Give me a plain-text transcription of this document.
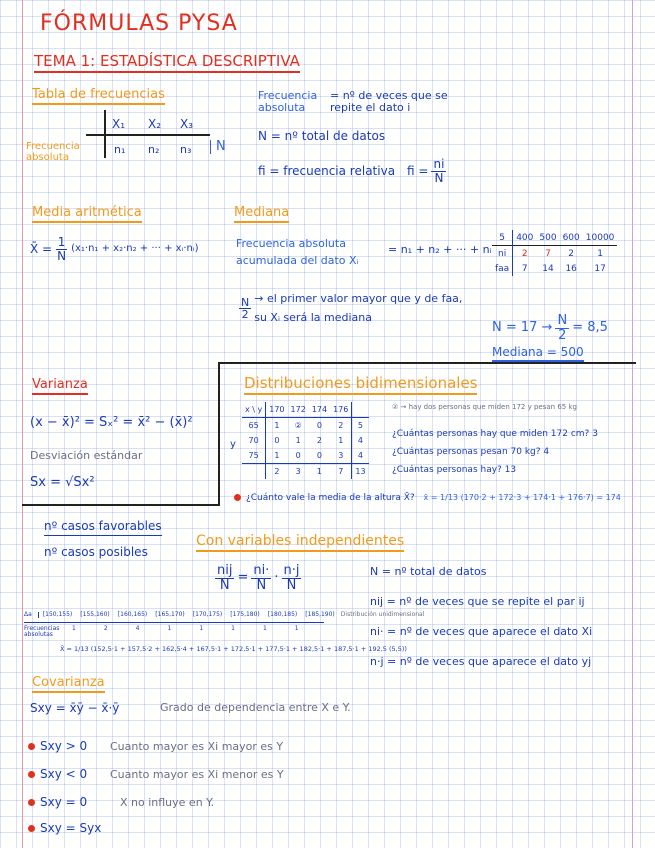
FÓRMULAS PYSA
TEMA 1: ESTADÍSTICA DESCRIPTIVA
Tabla de frecuencias
X₁ X₂ X₃
Frecuencia absoluta
n₁ n₂ n₃	N
Frecuencia absoluta
= nº de veces que se repite el dato i
N = nº total de datos
fi = frecuencia relativa fi = $\frac{ni}{N}$
Media aritmética
X̄ = $\frac{1}{N} (x_1\cdot n_1 + x_2\cdot n_2$ + ··· + xᵢ·nᵢ)
Mediana
Frecuencia absoluta acumulada del dato Xᵢ
= n₁ + n₂ + ··· + nᵢ
$\frac{N}{2}$ → el primer valor mayor que y de faa, su Xᵢ será la mediana
$N = 17 \to \frac{N}{2} = 8,5$
Mediana = 500
5	400	500	600	10000
ni	2	7	2	1
faa	7	14	16	17
Varianza
(x − x̄)² = Sₓ² = x̄² − (x̄)²
Desviación estándar
Sx = √Sx²
Distribuciones bidimensionales
② → hay dos personas que miden 172 y pesan 65 kg
y
x \ y	170	172	174	176	
65	1	②	0	2	5
70	0	1	2	1	4
75	1	0	0	3	4
	2	3	1	7	13
¿Cuántas personas hay que miden 172 cm? 3
¿Cuántas personas pesan 70 kg? 4
¿Cuántas personas hay? 13
¿Cuánto vale la media de la altura X̄? x̄ = 1/13 (170·2 + 172·3 + 174·1 + 176·7) = 174
nº casos favorables
nº casos posibles
Con variables independientes
$\frac{\text{nij}}{N} = \frac{ni\cdot}{N} \cdot \frac{n\cdot j}{N}$	N = nº total de datos
nij = nº de veces que se repite el par ij
ni· = nº de veces que aparece el dato Xi
n·j = nº de veces que aparece el dato yj
Δa [150,155) [155,160) [160,165) [165,170) [170,175) [175,180) [180,185) [185,190) Distribución unidimensional
Frecuencias absolutas
1	2	4	1	1	1	1	1
X̄ = 1/13 (152,5·1 + 157,5·2 + 162,5·4 + 167,5·1 + 172,5·1 + 177,5·1 + 182,5·1 + 187,5·1 + 192,5 (5,5))
Covarianza
Sxy = x̄ȳ − x̄·ȳ	Grado de dependencia entre X e Y.
Sxy > 0 Cuanto mayor es Xi mayor es Y
Sxy < 0 Cuanto mayor es Xi menor es Y
Sxy = 0	X no influye en Y.
Sxy = Syx
